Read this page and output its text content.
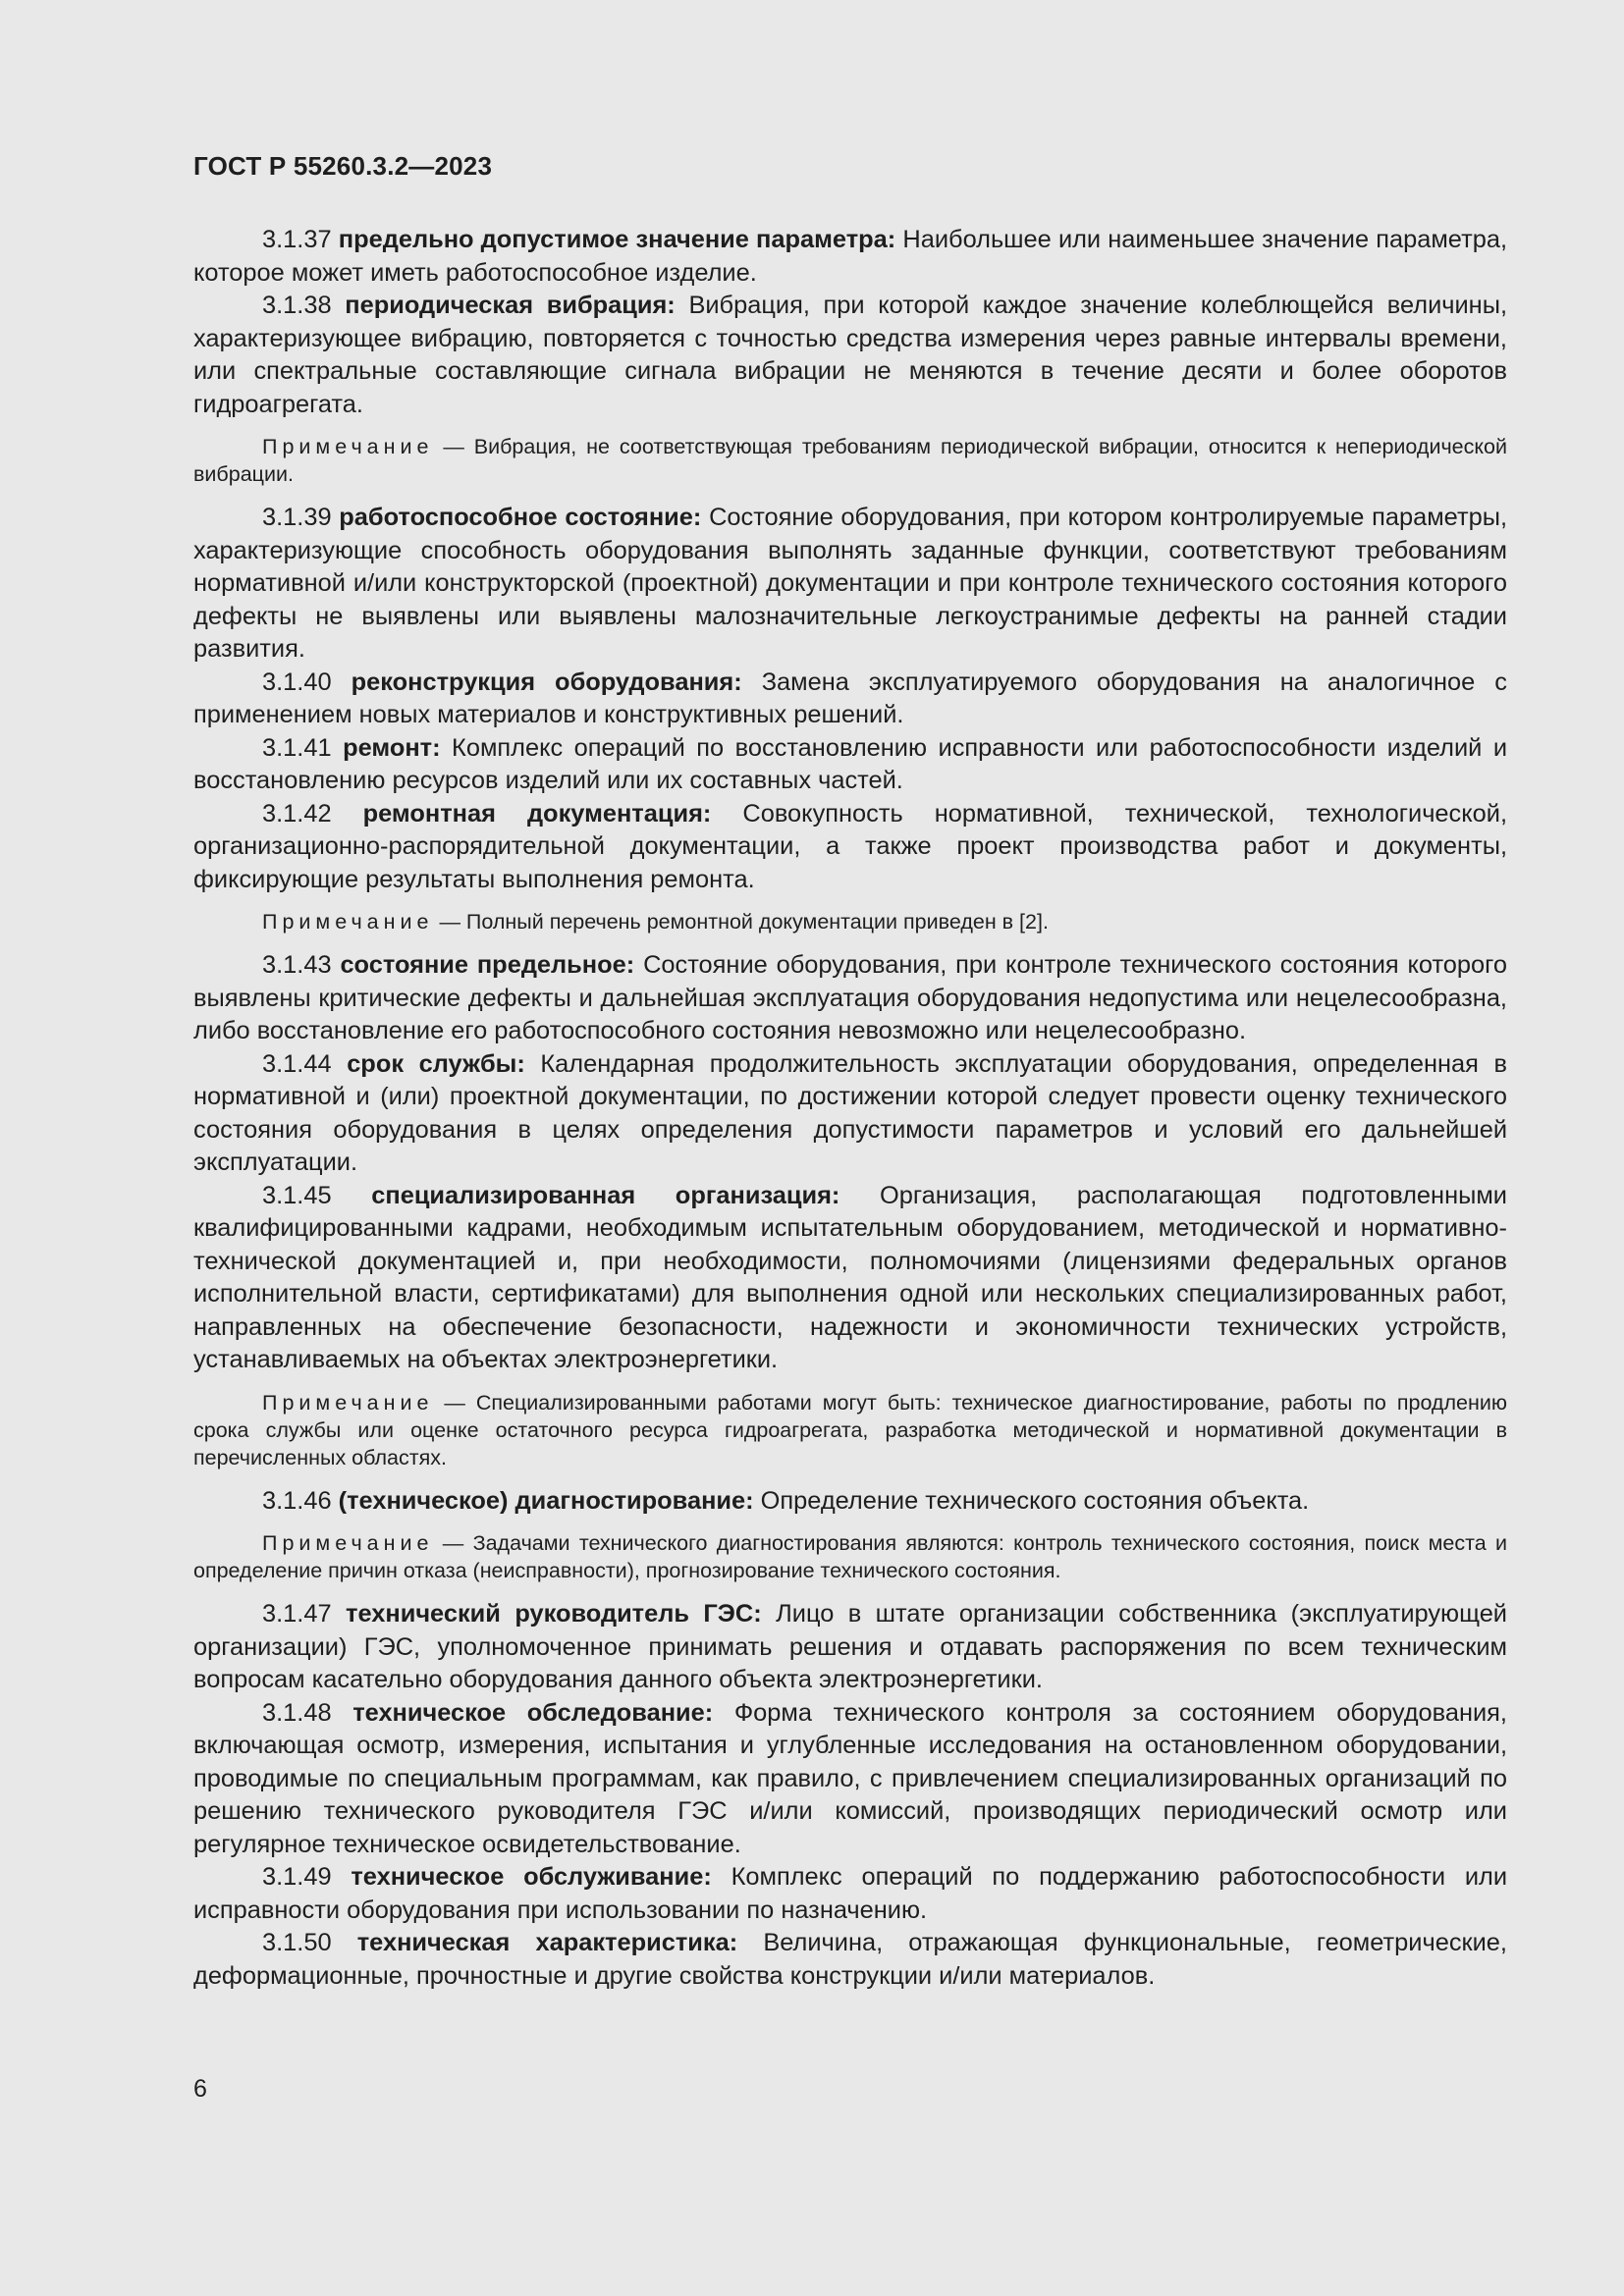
ГОСТ Р 55260.3.2—2023

3.1.37 предельно допустимое значение параметра: Наибольшее или наименьшее значение параметра, которое может иметь работоспособное изделие.

3.1.38 периодическая вибрация: Вибрация, при которой каждое значение колеблющейся величины, характеризующее вибрацию, повторяется с точностью средства измерения через равные интервалы времени, или спектральные составляющие сигнала вибрации не меняются в течение десяти и более оборотов гидроагрегата.

Примечание — Вибрация, не соответствующая требованиям периодической вибрации, относится к непериодической вибрации.

3.1.39 работоспособное состояние: Состояние оборудования, при котором контролируемые параметры, характеризующие способность оборудования выполнять заданные функции, соответствуют требованиям нормативной и/или конструкторской (проектной) документации и при контроле технического состояния которого дефекты не выявлены или выявлены малозначительные легкоустранимые дефекты на ранней стадии развития.

3.1.40 реконструкция оборудования: Замена эксплуатируемого оборудования на аналогичное с применением новых материалов и конструктивных решений.

3.1.41 ремонт: Комплекс операций по восстановлению исправности или работоспособности изделий и восстановлению ресурсов изделий или их составных частей.

3.1.42 ремонтная документация: Совокупность нормативной, технической, технологической, организационно-распорядительной документации, а также проект производства работ и документы, фиксирующие результаты выполнения ремонта.

Примечание — Полный перечень ремонтной документации приведен в [2].

3.1.43 состояние предельное: Состояние оборудования, при контроле технического состояния которого выявлены критические дефекты и дальнейшая эксплуатация оборудования недопустима или нецелесообразна, либо восстановление его работоспособного состояния невозможно или нецелесообразно.

3.1.44 срок службы: Календарная продолжительность эксплуатации оборудования, определенная в нормативной и (или) проектной документации, по достижении которой следует провести оценку технического состояния оборудования в целях определения допустимости параметров и условий его дальнейшей эксплуатации.

3.1.45 специализированная организация: Организация, располагающая подготовленными квалифицированными кадрами, необходимым испытательным оборудованием, методической и нормативно-технической документацией и, при необходимости, полномочиями (лицензиями федеральных органов исполнительной власти, сертификатами) для выполнения одной или нескольких специализированных работ, направленных на обеспечение безопасности, надежности и экономичности технических устройств, устанавливаемых на объектах электроэнергетики.

Примечание — Специализированными работами могут быть: техническое диагностирование, работы по продлению срока службы или оценке остаточного ресурса гидроагрегата, разработка методической и нормативной документации в перечисленных областях.

3.1.46 (техническое) диагностирование: Определение технического состояния объекта.

Примечание — Задачами технического диагностирования являются: контроль технического состояния, поиск места и определение причин отказа (неисправности), прогнозирование технического состояния.

3.1.47 технический руководитель ГЭС: Лицо в штате организации собственника (эксплуатирующей организации) ГЭС, уполномоченное принимать решения и отдавать распоряжения по всем техническим вопросам касательно оборудования данного объекта электроэнергетики.

3.1.48 техническое обследование: Форма технического контроля за состоянием оборудования, включающая осмотр, измерения, испытания и углубленные исследования на остановленном оборудовании, проводимые по специальным программам, как правило, с привлечением специализированных организаций по решению технического руководителя ГЭС и/или комиссий, производящих периодический осмотр или регулярное техническое освидетельствование.

3.1.49 техническое обслуживание: Комплекс операций по поддержанию работоспособности или исправности оборудования при использовании по назначению.

3.1.50 техническая характеристика: Величина, отражающая функциональные, геометрические, деформационные, прочностные и другие свойства конструкции и/или материалов.

6
